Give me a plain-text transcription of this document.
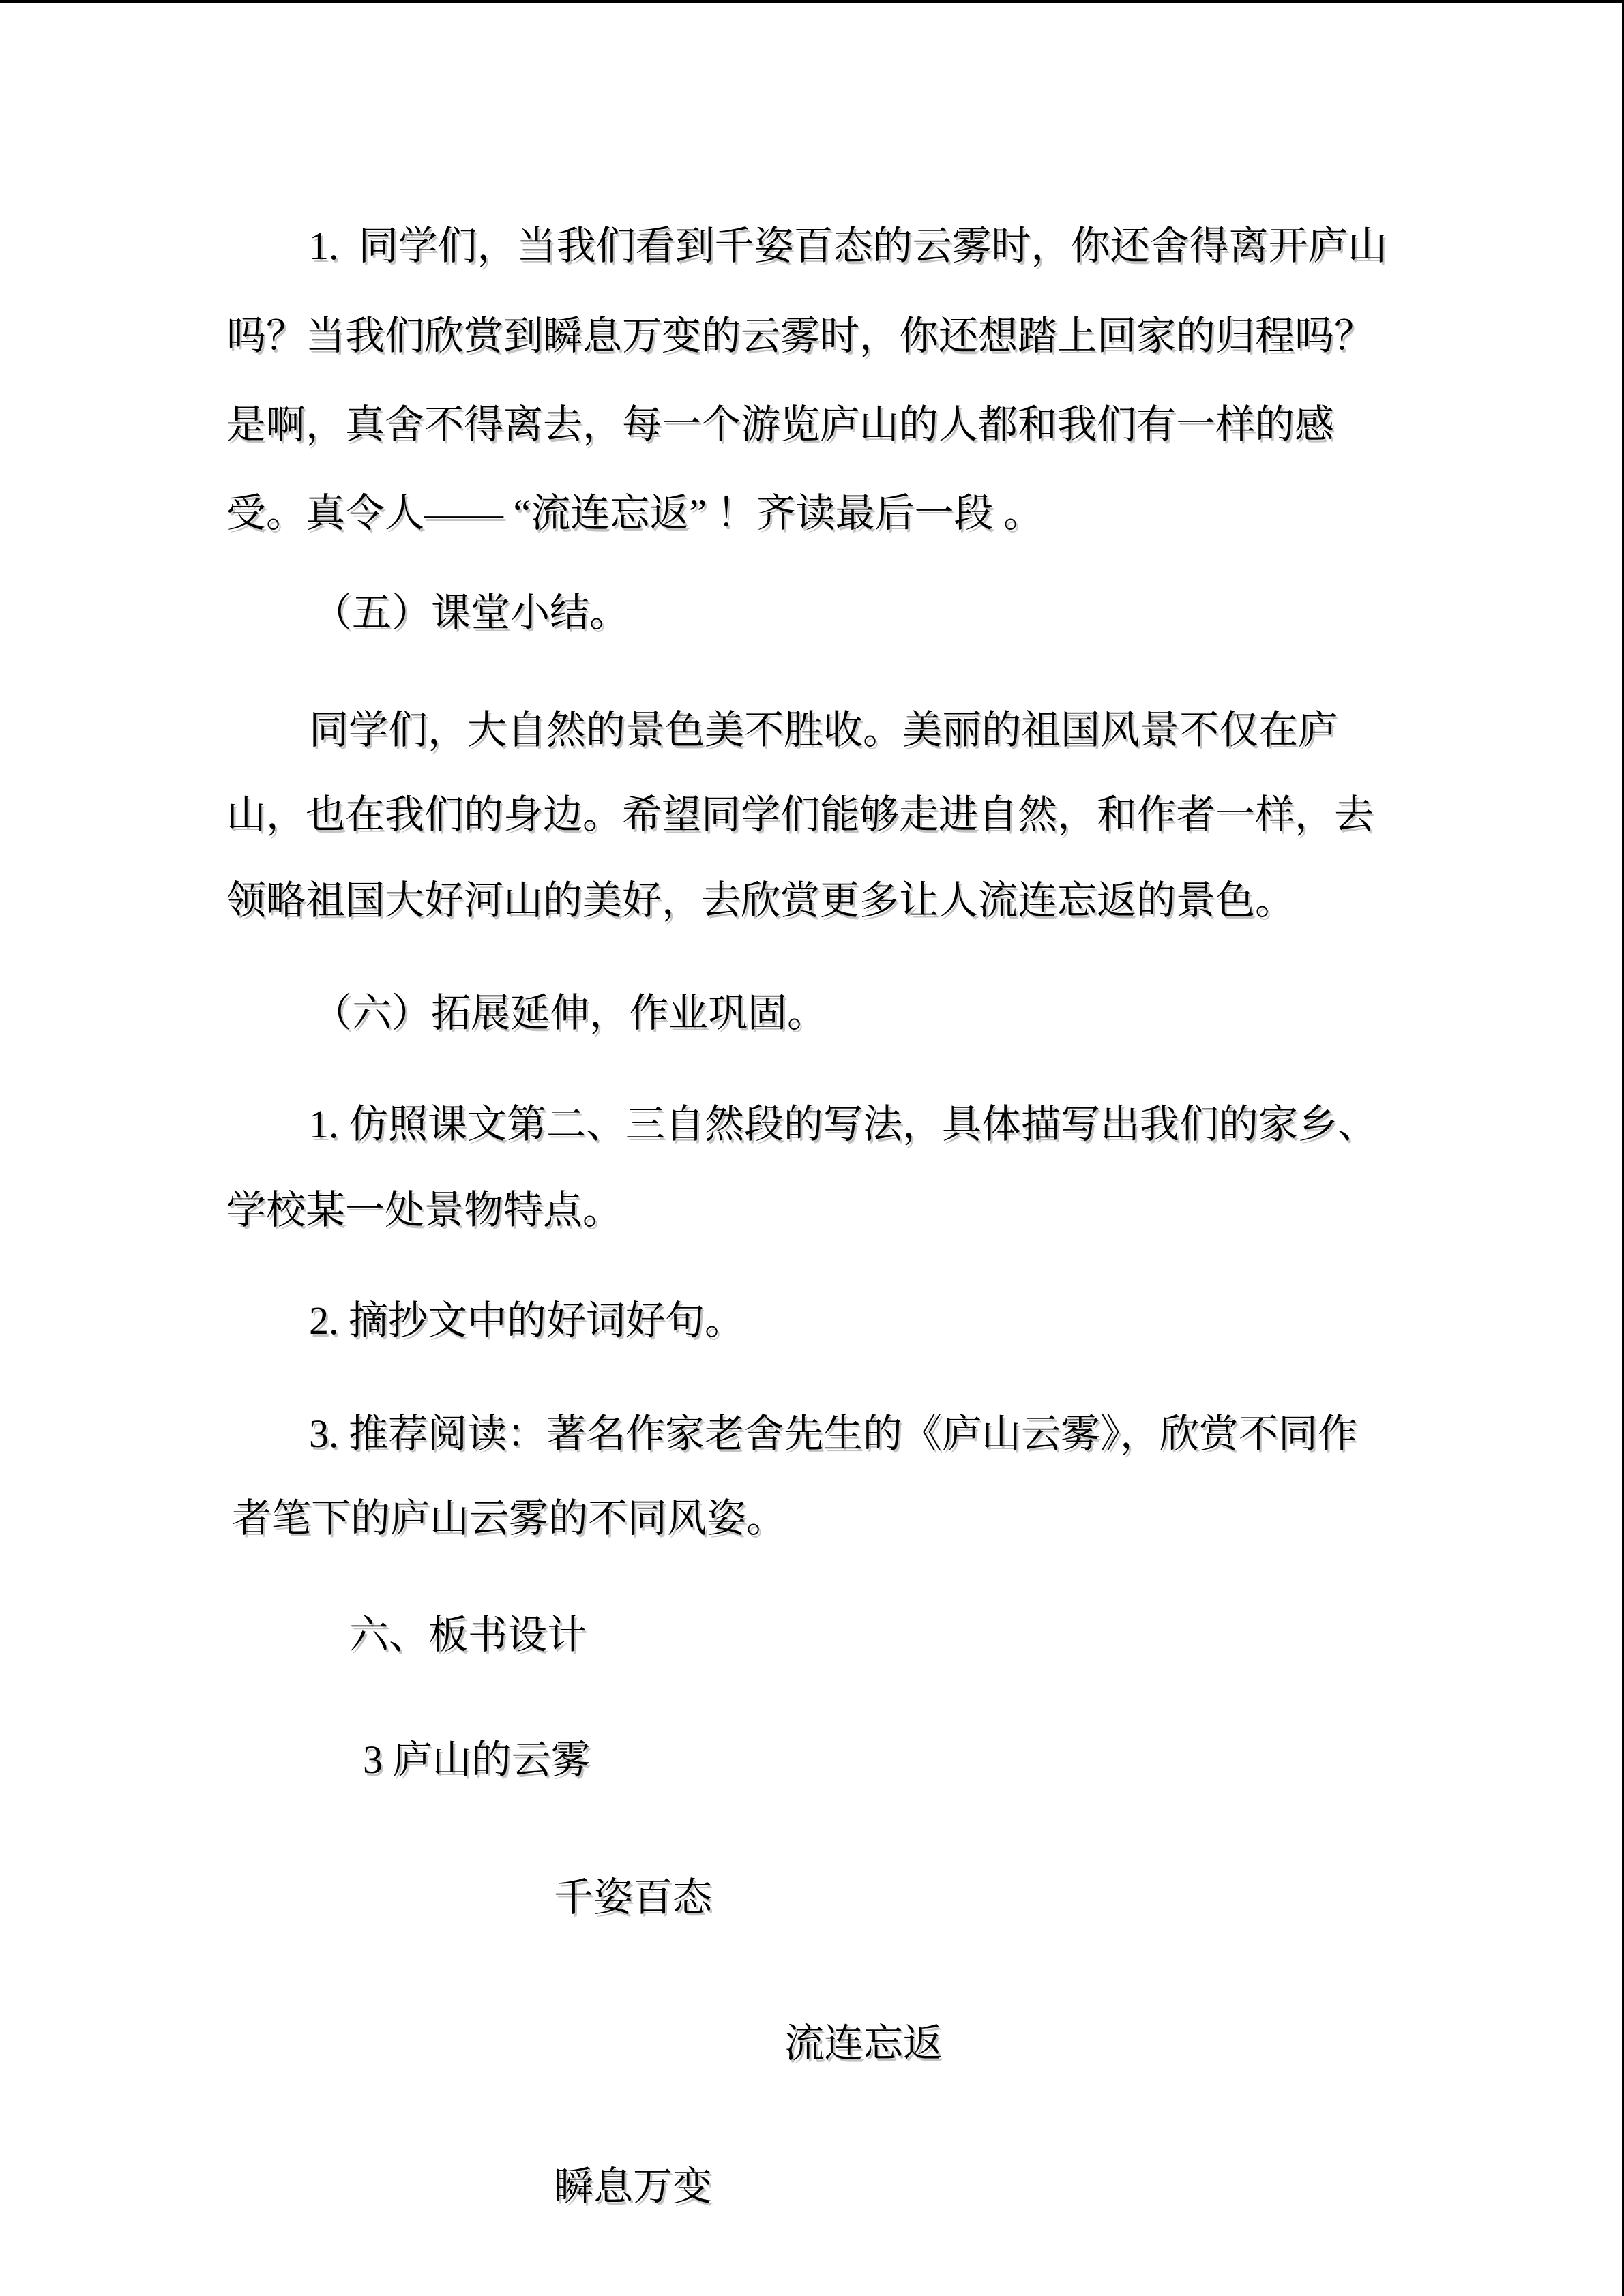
1.  同学们，当我们看到千姿百态的云雾时，你还舍得离开庐山
吗？当我们欣赏到瞬息万变的云雾时，你还想踏上回家的归程吗？
是啊，真舍不得离去，每一个游览庐山的人都和我们有一样的感
受。真令人—— “流连忘返” ！齐读最后一段 。
（五）课堂小结。
同学们，大自然的景色美不胜收。美丽的祖国风景不仅在庐
山，也在我们的身边。希望同学们能够走进自然，和作者一样，去
领略祖国大好河山的美好，去欣赏更多让人流连忘返的景色。
（六）拓展延伸，作业巩固。
1. 仿照课文第二、三自然段的写法，具体描写出我们的家乡、
学校某一处景物特点。
2. 摘抄文中的好词好句。
3. 推荐阅读：著名作家老舍先生的《庐山云雾》，欣赏不同作
者笔下的庐山云雾的不同风姿。
六、板书设计
3 庐山的云雾
千姿百态
流连忘返
瞬息万变
